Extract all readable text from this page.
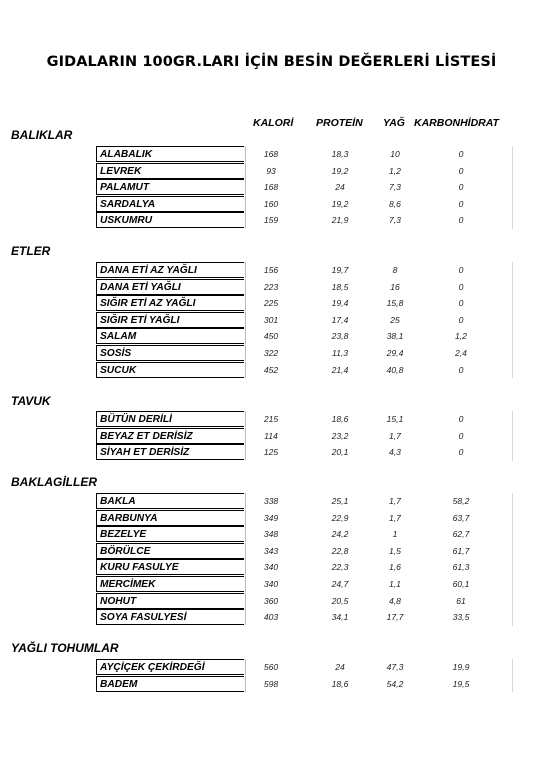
GIDALARIN 100GR.LARI İÇİN BESİN DEĞERLERİ LİSTESİ
KALORİ PROTEİN YAĞ KARBONHİDRAT
BALIKLAR
ALABALIK	168	18,3	10	0
LEVREK	93	19,2	1,2	0
PALAMUT	168	24	7,3	0
SARDALYA	160	19,2	8,6	0
USKUMRU	159	21,9	7,3	0
ETLER
DANA ETİ AZ YAĞLI	156	19,7	8	0
DANA ETİ YAĞLI	223	18,5	16	0
SIĞIR ETİ AZ YAĞLI	225	19,4	15,8	0
SIĞIR ETİ YAĞLI	301	17,4	25	0
SALAM	450	23,8	38,1	1,2
SOSİS	322	11,3	29,4	2,4
SUCUK	452	21,4	40,8	0
TAVUK
BÜTÜN DERİLİ	215	18,6	15,1	0
BEYAZ ET DERİSİZ	114	23,2	1,7	0
SİYAH ET DERİSİZ	125	20,1	4,3	0
BAKLAGİLLER
BAKLA	338	25,1	1,7	58,2
BARBUNYA	349	22,9	1,7	63,7
BEZELYE	348	24,2	1	62,7
BÖRÜLCE	343	22,8	1,5	61,7
KURU FASULYE	340	22,3	1,6	61,3
MERCİMEK	340	24,7	1,1	60,1
NOHUT	360	20,5	4,8	61
SOYA FASULYESİ	403	34,1	17,7	33,5
YAĞLI TOHUMLAR
AYÇİÇEK ÇEKİRDEĞİ	560	24	47,3	19,9
BADEM	598	18,6	54,2	19,5
